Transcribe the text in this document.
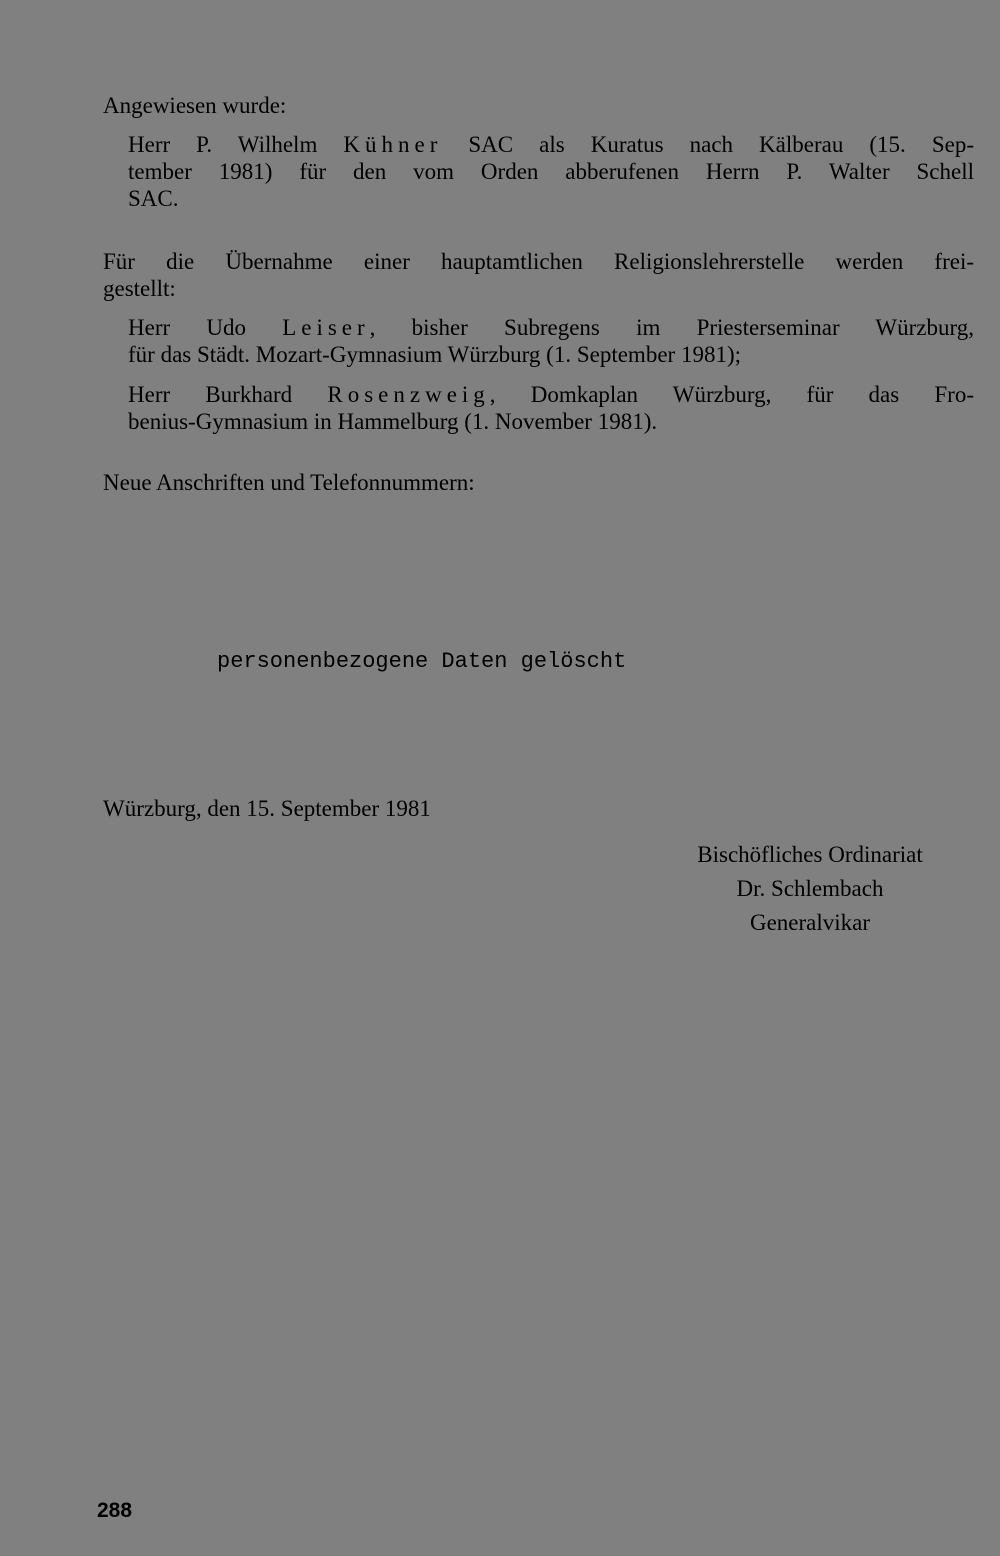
Angewiesen wurde:
Herr P. Wilhelm Kühner SAC als Kuratus nach Kälberau (15. Sep-
tember 1981) für den vom Orden abberufenen Herrn P. Walter Schell
SAC.
Für die Übernahme einer hauptamtlichen Religionslehrerstelle werden frei-
gestellt:
Herr Udo Leiser, bisher Subregens im Priesterseminar Würzburg,
für das Städt. Mozart-Gymnasium Würzburg (1. September 1981);
Herr Burkhard Rosenzweig, Domkaplan Würzburg, für das Fro-
benius-Gymnasium in Hammelburg (1. November 1981).
Neue Anschriften und Telefonnummern:
personenbezogene Daten gelöscht
Würzburg, den 15. September 1981
Bischöfliches Ordinariat
Dr. Schlembach
Generalvikar
288
